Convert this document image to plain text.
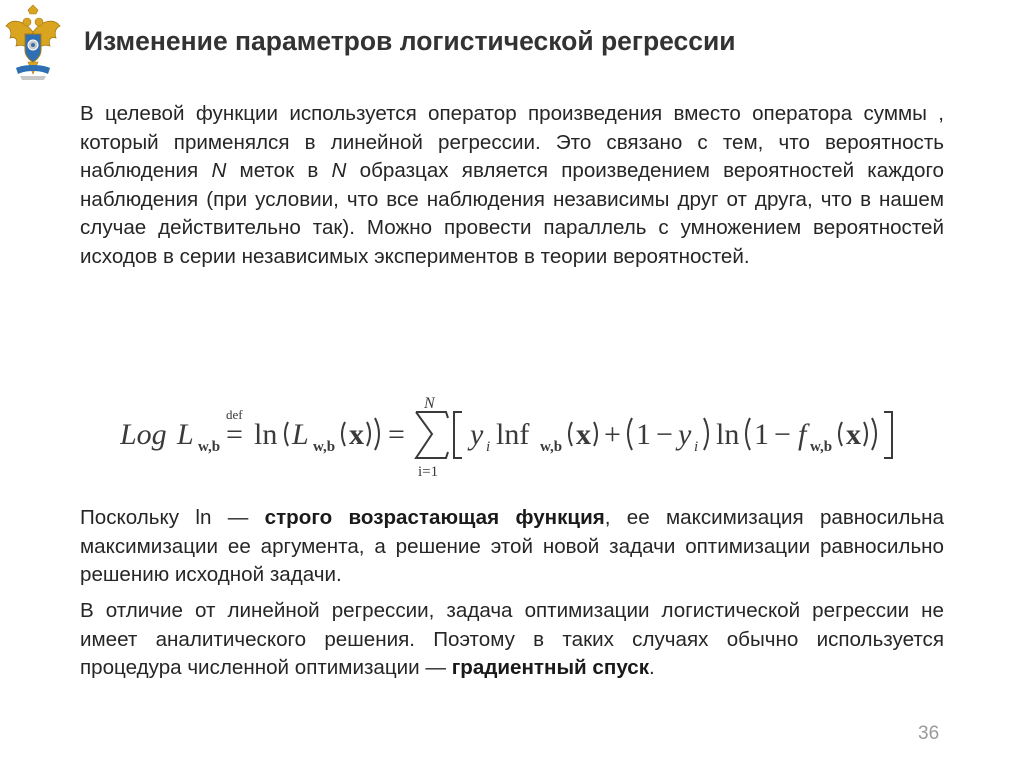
Изменение параметров логистической регрессии

В целевой функции используется оператор произведения вместо оператора суммы , который применялся в линейной регрессии. Это связано с тем, что вероятность наблюдения N меток в N образцах является произведением вероятностей каждого наблюдения (при условии, что все наблюдения независимы друг от друга, что в нашем случае действительно так). Можно провести параллель с умножением вероятностей исходов в серии независимых экспериментов в теории вероятностей.

Log L w,b
def
= ln L w,b x =
N
i=1
y i lnf w,b x + 1 − y i ln 1 − f w,b x

Поскольку ln — строго возрастающая функция, ее максимизация равносильна максимизации ее аргумента, а решение этой новой задачи оптимизации равносильно решению исходной задачи.

В отличие от линейной регрессии, задача оптимизации логистической регрессии не имеет аналитического решения. Поэтому в таких случаях обычно используется процедура численной оптимизации — градиентный спуск.

36
